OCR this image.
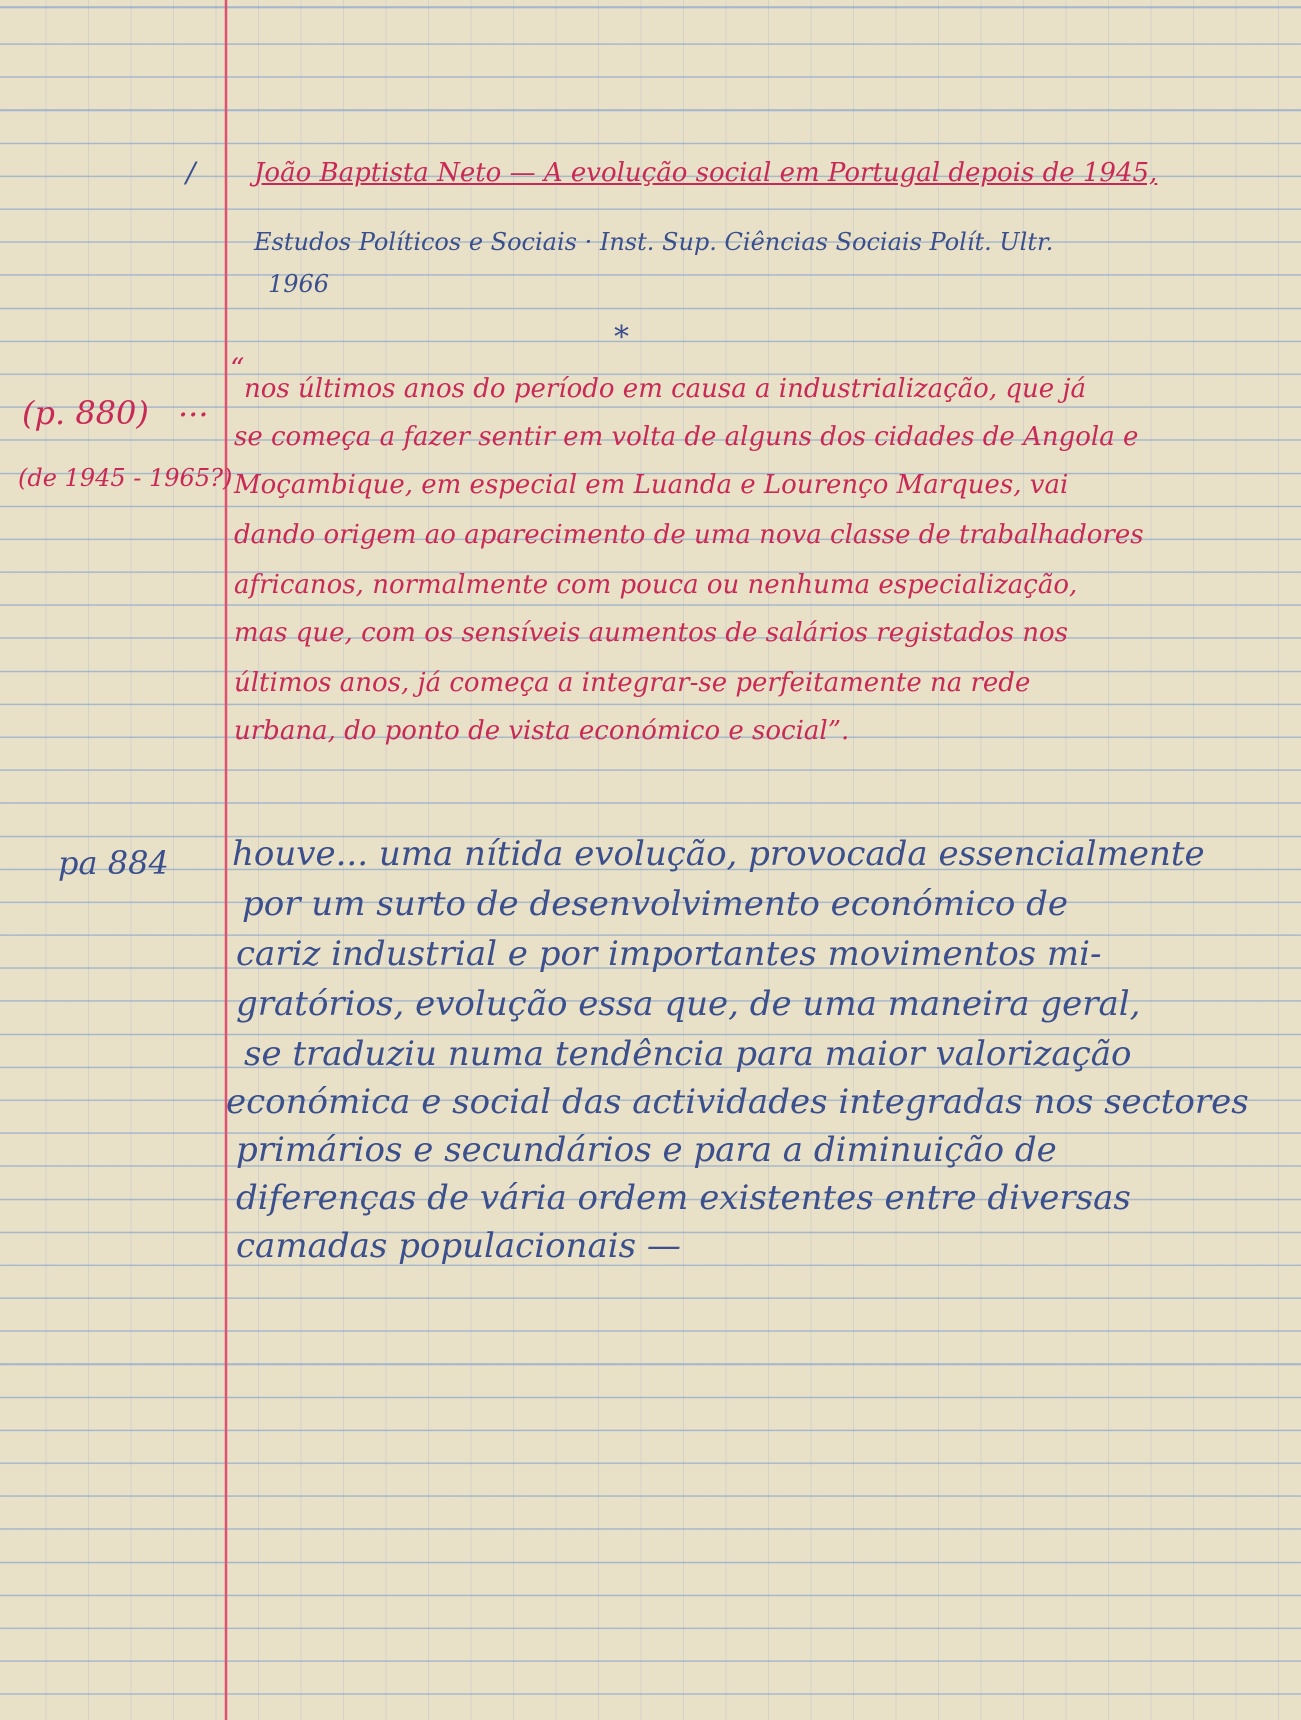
/ João Baptista Neto — A evolução social em Portugal depois de 1945,
Estudos Políticos e Sociais · Inst. Sup. Ciências Sociais Polít. Ultr.
1966
*
(p. 880) ...
(de 1945 - 1965?)
“
nos últimos anos do período em causa a industrialização, que já
se começa a fazer sentir em volta de alguns dos cidades de Angola e
Moçambique, em especial em Luanda e Lourenço Marques, vai
dando origem ao aparecimento de uma nova classe de trabalhadores
africanos, normalmente com pouca ou nenhuma especialização,
mas que, com os sensíveis aumentos de salários registados nos
últimos anos, já começa a integrar-se perfeitamente na rede
urbana, do ponto de vista económico e social”.
pa 884 houve... uma nítida evolução, provocada essencialmente
por um surto de desenvolvimento económico de
cariz industrial e por importantes movimentos mi-
gratórios, evolução essa que, de uma maneira geral,
se traduziu numa tendência para maior valorização
económica e social das actividades integradas nos sectores
primários e secundários e para a diminuição de
diferenças de vária ordem existentes entre diversas
camadas populacionais —
